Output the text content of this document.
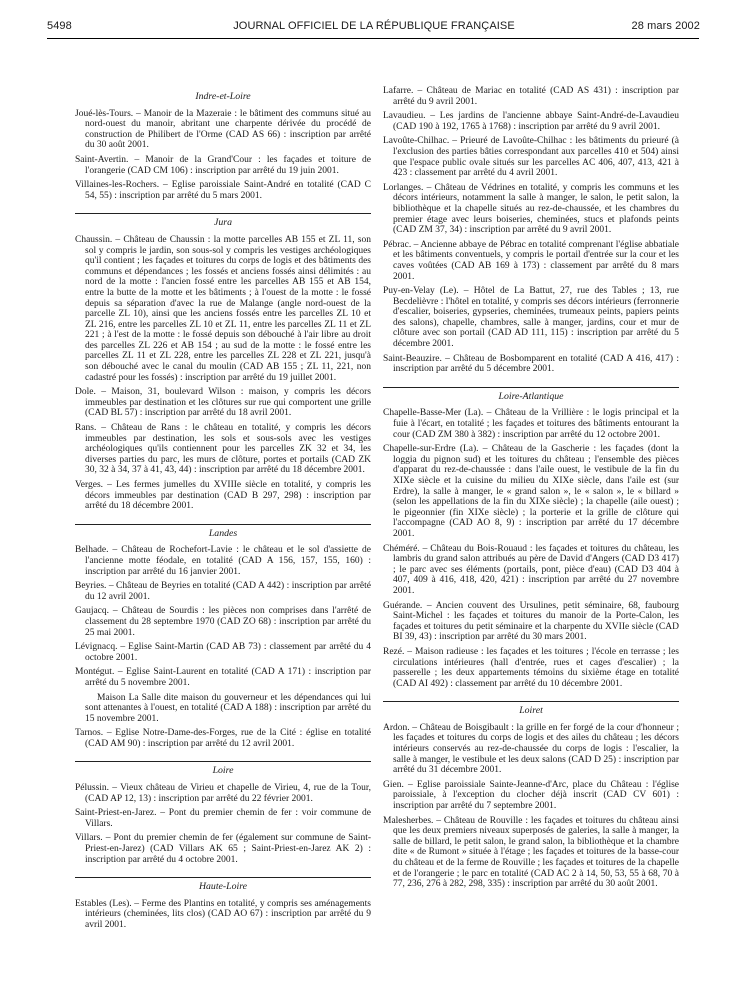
5498	JOURNAL OFFICIEL DE LA RÉPUBLIQUE FRANÇAISE	28 mars 2002
Indre-et-Loire
Joué-lès-Tours. – Manoir de la Mazeraie : le bâtiment des communs situé au nord-ouest du manoir, abritant une charpente dérivée du procédé de construction de Philibert de l'Orme (CAD AS 66) : inscription par arrêté du 30 août 2001.
Saint-Avertin. – Manoir de la Grand'Cour : les façades et toiture de l'orangerie (CAD CM 106) : inscription par arrêté du 19 juin 2001.
Villaines-les-Rochers. – Eglise paroissiale Saint-André en totalité (CAD C 54, 55) : inscription par arrêté du 5 mars 2001.
Jura
Chaussin. – Château de Chaussin : la motte parcelles AB 155 et ZL 11, son sol y compris le jardin, son sous-sol y compris les vestiges archéologiques qu'il contient ; les façades et toitures du corps de logis et des bâtiments des communs et dépendances ; les fossés et anciens fossés ainsi délimités : au nord de la motte : l'ancien fossé entre les parcelles AB 155 et AB 154, entre la butte de la motte et les bâtiments ; à l'ouest de la motte : le fossé depuis sa séparation d'avec la rue de Malange (angle nord-ouest de la parcelle ZL 10), ainsi que les anciens fossés entre les parcelles ZL 10 et ZL 216, entre les parcelles ZL 10 et ZL 11, entre les parcelles ZL 11 et ZL 221 ; à l'est de la motte : le fossé depuis son débouché à l'air libre au droit des parcelles ZL 226 et AB 154 ; au sud de la motte : le fossé entre les parcelles ZL 11 et ZL 228, entre les parcelles ZL 228 et ZL 221, jusqu'à son débouché avec le canal du moulin (CAD AB 155 ; ZL 11, 221, non cadastré pour les fossés) : inscription par arrêté du 19 juillet 2001.
Dole. – Maison, 31, boulevard Wilson : maison, y compris les décors immeubles par destination et les clôtures sur rue qui comportent une grille (CAD BL 57) : inscription par arrêté du 18 avril 2001.
Rans. – Château de Rans : le château en totalité, y compris les décors immeubles par destination, les sols et sous-sols avec les vestiges archéologiques qu'ils contiennent pour les parcelles ZK 32 et 34, les diverses parties du parc, les murs de clôture, portes et portails (CAD ZK 30, 32 à 34, 37 à 41, 43, 44) : inscription par arrêté du 18 décembre 2001.
Verges. – Les fermes jumelles du XVIIIe siècle en totalité, y compris les décors immeubles par destination (CAD B 297, 298) : inscription par arrêté du 18 décembre 2001.
Landes
Belhade. – Château de Rochefort-Lavie : le château et le sol d'assiette de l'ancienne motte féodale, en totalité (CAD A 156, 157, 155, 160) : inscription par arrêté du 16 janvier 2001.
Beyries. – Château de Beyries en totalité (CAD A 442) : inscription par arrêté du 12 avril 2001.
Gaujacq. – Château de Sourdis : les pièces non comprises dans l'arrêté de classement du 28 septembre 1970 (CAD ZO 68) : inscription par arrêté du 25 mai 2001.
Lévignacq. – Eglise Saint-Martin (CAD AB 73) : classement par arrêté du 4 octobre 2001.
Montégut. – Eglise Saint-Laurent en totalité (CAD A 171) : inscription par arrêté du 5 novembre 2001.
Maison La Salle dite maison du gouverneur et les dépendances qui lui sont attenantes à l'ouest, en totalité (CAD A 188) : inscription par arrêté du 15 novembre 2001.
Tarnos. – Eglise Notre-Dame-des-Forges, rue de la Cité : église en totalité (CAD AM 90) : inscription par arrêté du 12 avril 2001.
Loire
Pélussin. – Vieux château de Virieu et chapelle de Virieu, 4, rue de la Tour, (CAD AP 12, 13) : inscription par arrêté du 22 février 2001.
Saint-Priest-en-Jarez. – Pont du premier chemin de fer : voir commune de Villars.
Villars. – Pont du premier chemin de fer (également sur commune de Saint-Priest-en-Jarez) (CAD Villars AK 65 ; Saint-Priest-en-Jarez AK 2) : inscription par arrêté du 4 octobre 2001.
Haute-Loire
Estables (Les). – Ferme des Plantins en totalité, y compris ses aménagements intérieurs (cheminées, lits clos) (CAD AO 67) : inscription par arrêté du 9 avril 2001.
Lafarre. – Château de Mariac en totalité (CAD AS 431) : inscription par arrêté du 9 avril 2001.
Lavaudieu. – Les jardins de l'ancienne abbaye Saint-André-de-Lavaudieu (CAD 190 à 192, 1765 à 1768) : inscription par arrêté du 9 avril 2001.
Lavoûte-Chilhac. – Prieuré de Lavoûte-Chilhac : les bâtiments du prieuré (à l'exclusion des parties bâties correspondant aux parcelles 410 et 504) ainsi que l'espace public ovale situés sur les parcelles AC 406, 407, 413, 421 à 423 : classement par arrêté du 4 avril 2001.
Lorlanges. – Château de Védrines en totalité, y compris les communs et les décors intérieurs, notamment la salle à manger, le salon, le petit salon, la bibliothèque et la chapelle situés au rez-de-chaussée, et les chambres du premier étage avec leurs boiseries, cheminées, stucs et plafonds peints (CAD ZM 37, 34) : inscription par arrêté du 9 avril 2001.
Pébrac. – Ancienne abbaye de Pébrac en totalité comprenant l'église abbatiale et les bâtiments conventuels, y compris le portail d'entrée sur la cour et les caves voûtées (CAD AB 169 à 173) : classement par arrêté du 8 mars 2001.
Puy-en-Velay (Le). – Hôtel de La Battut, 27, rue des Tables ; 13, rue Becdelièvre : l'hôtel en totalité, y compris ses décors intérieurs (ferronnerie d'escalier, boiseries, gypseries, cheminées, trumeaux peints, papiers peints des salons), chapelle, chambres, salle à manger, jardins, cour et mur de clôture avec son portail (CAD AD 111, 115) : inscription par arrêté du 5 décembre 2001.
Saint-Beauzire. – Château de Bosbomparent en totalité (CAD A 416, 417) : inscription par arrêté du 5 décembre 2001.
Loire-Atlantique
Chapelle-Basse-Mer (La). – Château de la Vrillière : le logis principal et la fuie à l'écart, en totalité ; les façades et toitures des bâtiments entourant la cour (CAD ZM 380 à 382) : inscription par arrêté du 12 octobre 2001.
Chapelle-sur-Erdre (La). – Château de la Gascherie : les façades (dont la loggia du pignon sud) et les toitures du château ; l'ensemble des pièces d'apparat du rez-de-chaussée : dans l'aile ouest, le vestibule de la fin du XIXe siècle et la cuisine du milieu du XIXe siècle, dans l'aile est (sur Erdre), la salle à manger, le « grand salon », le « salon », le « billard » (selon les appellations de la fin du XIXe siècle) ; la chapelle (aile ouest) ; le pigeonnier (fin XIXe siècle) ; la porterie et la grille de clôture qui l'accompagne (CAD AO 8, 9) : inscription par arrêté du 17 décembre 2001.
Chéméré. – Château du Bois-Rouaud : les façades et toitures du château, les lambris du grand salon attribués au père de David d'Angers (CAD D3 417) ; le parc avec ses éléments (portails, pont, pièce d'eau) (CAD D3 404 à 407, 409 à 416, 418, 420, 421) : inscription par arrêté du 27 novembre 2001.
Guérande. – Ancien couvent des Ursulines, petit séminaire, 68, faubourg Saint-Michel : les façades et toitures du manoir de la Porte-Calon, les façades et toitures du petit séminaire et la charpente du XVIIe siècle (CAD BI 39, 43) : inscription par arrêté du 30 mars 2001.
Rezé. – Maison radieuse : les façades et les toitures ; l'école en terrasse ; les circulations intérieures (hall d'entrée, rues et cages d'escalier) ; la passerelle ; les deux appartements témoins du sixième étage en totalité (CAD AI 492) : classement par arrêté du 10 décembre 2001.
Loiret
Ardon. – Château de Boisgibault : la grille en fer forgé de la cour d'honneur ; les façades et toitures du corps de logis et des ailes du château ; les décors intérieurs conservés au rez-de-chaussée du corps de logis : l'escalier, la salle à manger, le vestibule et les deux salons (CAD D 25) : inscription par arrêté du 31 décembre 2001.
Gien. – Eglise paroissiale Sainte-Jeanne-d'Arc, place du Château : l'église paroissiale, à l'exception du clocher déjà inscrit (CAD CV 601) : inscription par arrêté du 7 septembre 2001.
Malesherbes. – Château de Rouville : les façades et toitures du château ainsi que les deux premiers niveaux superposés de galeries, la salle à manger, la salle de billard, le petit salon, le grand salon, la bibliothèque et la chambre dite « de Rumont » située à l'étage ; les façades et toitures de la basse-cour du château et de la ferme de Rouville ; les façades et toitures de la chapelle et de l'orangerie ; le parc en totalité (CAD AC 2 à 14, 50, 53, 55 à 68, 70 à 77, 236, 276 à 282, 298, 335) : inscription par arrêté du 30 août 2001.
